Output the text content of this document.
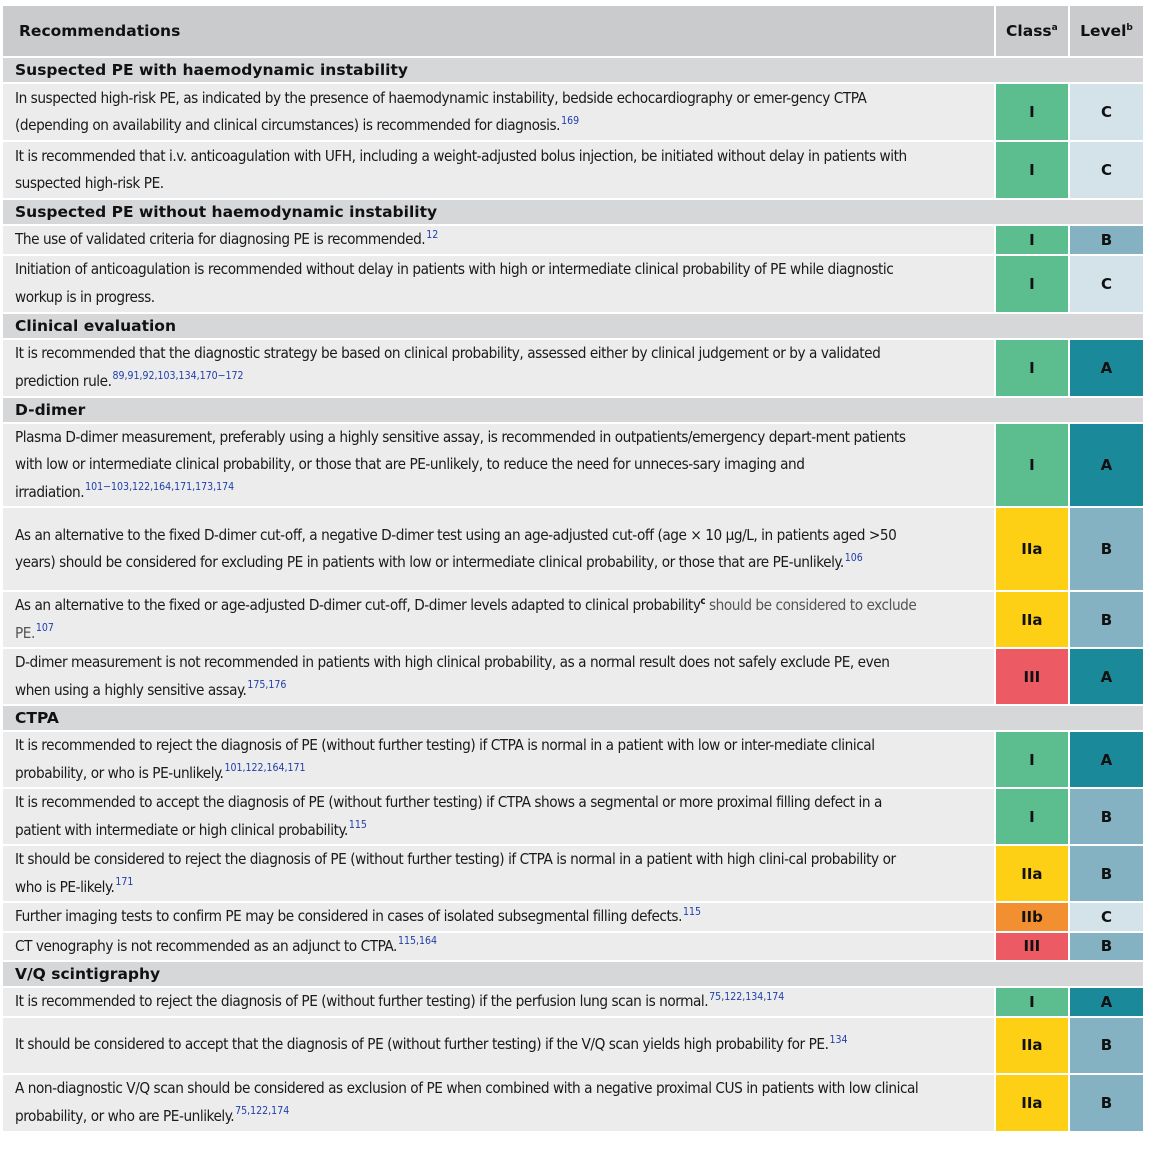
Recommendations		Class$^a$		Level$^b$
Suspected PE with haemodynamic instability				
In suspected high-risk PE, as indicated by the presence of haemodynamic instability, bedside echocardiography or emer-gency CTPA (depending on availability and clinical circumstances) is recommended for diagnosis.$^{169}$		I		C
It is recommended that i.v. anticoagulation with UFH, including a weight-adjusted bolus injection, be initiated without delay in patients with suspected high-risk PE.		I		C
Suspected PE without haemodynamic instability				
The use of validated criteria for diagnosing PE is recommended.$^{12}$		I		B
Initiation of anticoagulation is recommended without delay in patients with high or intermediate clinical probability of PE while diagnostic workup is in progress.		I		C
Clinical evaluation				
It is recommended that the diagnostic strategy be based on clinical probability, assessed either by clinical judgement or by a validated prediction rule.$^{89,91,92,103,134,170-172}$		I		A
D-dimer				
Plasma D-dimer measurement, preferably using a highly sensitive assay, is recommended in outpatients/emergency depart-ment patients with low or intermediate clinical probability, or those that are PE-unlikely, to reduce the need for unneces-sary imaging and irradiation.$^{101-103,122,164,171,173,174}$		I		A
As an alternative to the fixed D-dimer cut-off, a negative D-dimer test using an age-adjusted cut-off (age × 10 µg/L, in patients aged >50 years) should be considered for excluding PE in patients with low or intermediate clinical probability, or those that are PE-unlikely.$^{106}$		IIa		B
As an alternative to the fixed or age-adjusted D-dimer cut-off, D-dimer levels adapted to clinical probability$^c$ should be considered to exclude PE.$^{107}$		IIa		B
D-dimer measurement is not recommended in patients with high clinical probability, as a normal result does not safely exclude PE, even when using a highly sensitive assay.$^{175,176}$		III		A
CTPA				
It is recommended to reject the diagnosis of PE (without further testing) if CTPA is normal in a patient with low or inter-mediate clinical probability, or who is PE-unlikely.$^{101,122,164,171}$		I		A
It is recommended to accept the diagnosis of PE (without further testing) if CTPA shows a segmental or more proximal filling defect in a patient with intermediate or high clinical probability.$^{115}$		I		B
It should be considered to reject the diagnosis of PE (without further testing) if CTPA is normal in a patient with high clini-cal probability or who is PE-likely.$^{171}$		IIa		B
Further imaging tests to confirm PE may be considered in cases of isolated subsegmental filling defects.$^{115}$		IIb		C
CT venography is not recommended as an adjunct to CTPA.$^{115,164}$		III		B
V/Q scintigraphy				
It is recommended to reject the diagnosis of PE (without further testing) if the perfusion lung scan is normal.$^{75,122,134,174}$		I		A
It should be considered to accept that the diagnosis of PE (without further testing) if the V/Q scan yields high probability for PE.$^{134}$		IIa		B
A non-diagnostic V/Q scan should be considered as exclusion of PE when combined with a negative proximal CUS in patients with low clinical probability, or who are PE-unlikely.$^{75,122,174}$		IIa		B
